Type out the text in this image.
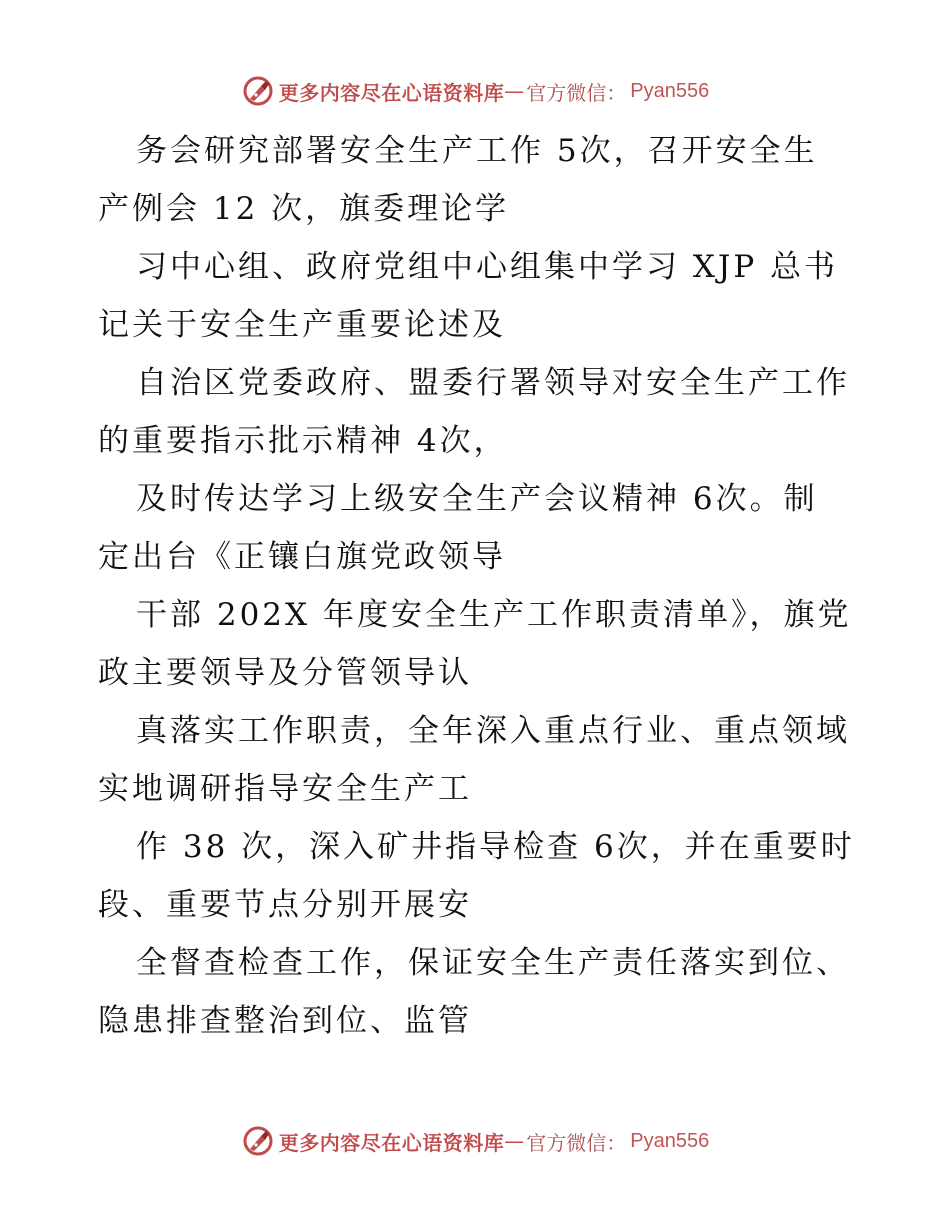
更多内容尽在心语资料库 — 官方微信： Pyan556
务会研究部署安全生产工作 5次，召开安全生
产例会 12 次，旗委理论学
习中心组、政府党组中心组集中学习 XJP 总书
记关于安全生产重要论述及
自治区党委政府、盟委行署领导对安全生产工作
的重要指示批示精神 4次，
及时传达学习上级安全生产会议精神 6次。制
定出台《正镶白旗党政领导
干部 202X 年度安全生产工作职责清单》，旗党
政主要领导及分管领导认
真落实工作职责，全年深入重点行业、重点领域
实地调研指导安全生产工
作 38 次，深入矿井指导检查 6次，并在重要时
段、重要节点分别开展安
全督查检查工作，保证安全生产责任落实到位、
隐患排查整治到位、监管
更多内容尽在心语资料库 — 官方微信： Pyan556
